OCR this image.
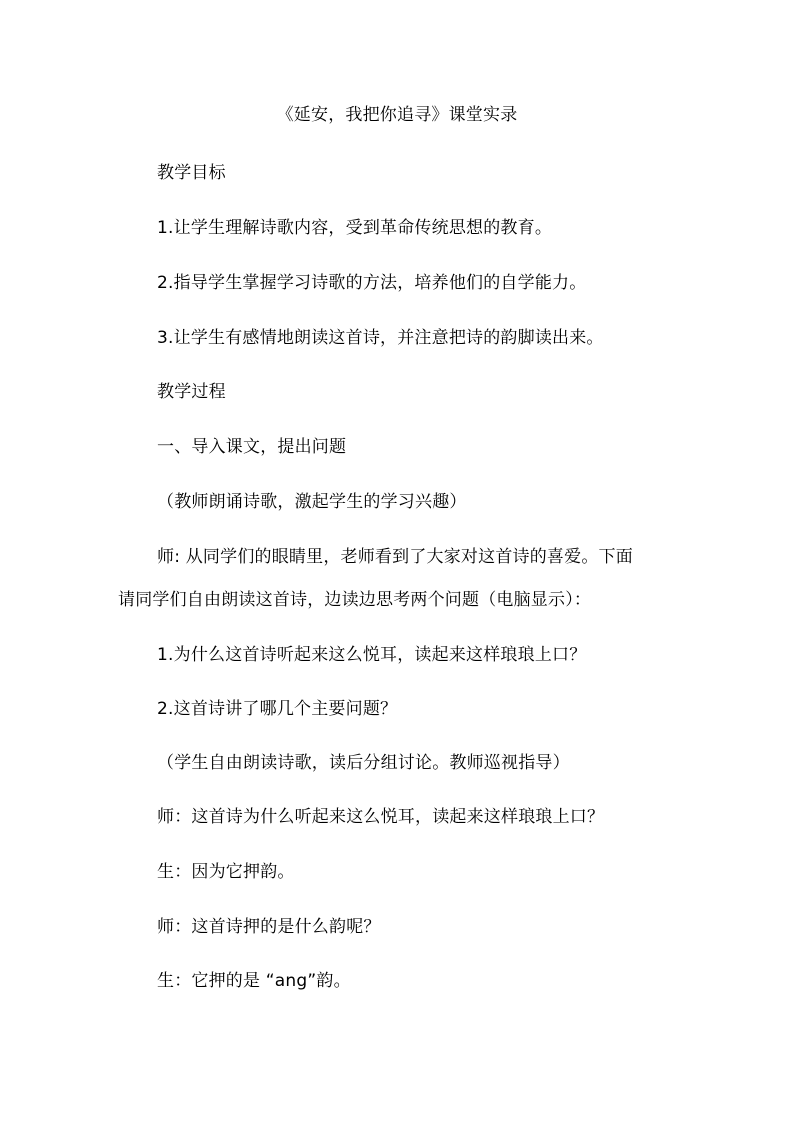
《延安，我把你追寻》课堂实录
教学目标
1.让学生理解诗歌内容，受到革命传统思想的教育。
2.指导学生掌握学习诗歌的方法，培养他们的自学能力。
3.让学生有感情地朗读这首诗，并注意把诗的韵脚读出来。
教学过程
一、导入课文，提出问题
（教师朗诵诗歌，激起学生的学习兴趣）
师: 从同学们的眼睛里，老师看到了大家对这首诗的喜爱。下面
请同学们自由朗读这首诗，边读边思考两个问题（电脑显示）：
1.为什么这首诗听起来这么悦耳，读起来这样琅琅上口？
2.这首诗讲了哪几个主要问题？
（学生自由朗读诗歌，读后分组讨论。教师巡视指导）
师：这首诗为什么听起来这么悦耳，读起来这样琅琅上口？
生：因为它押韵。
师：这首诗押的是什么韵呢？
生：它押的是 “ang”韵。
